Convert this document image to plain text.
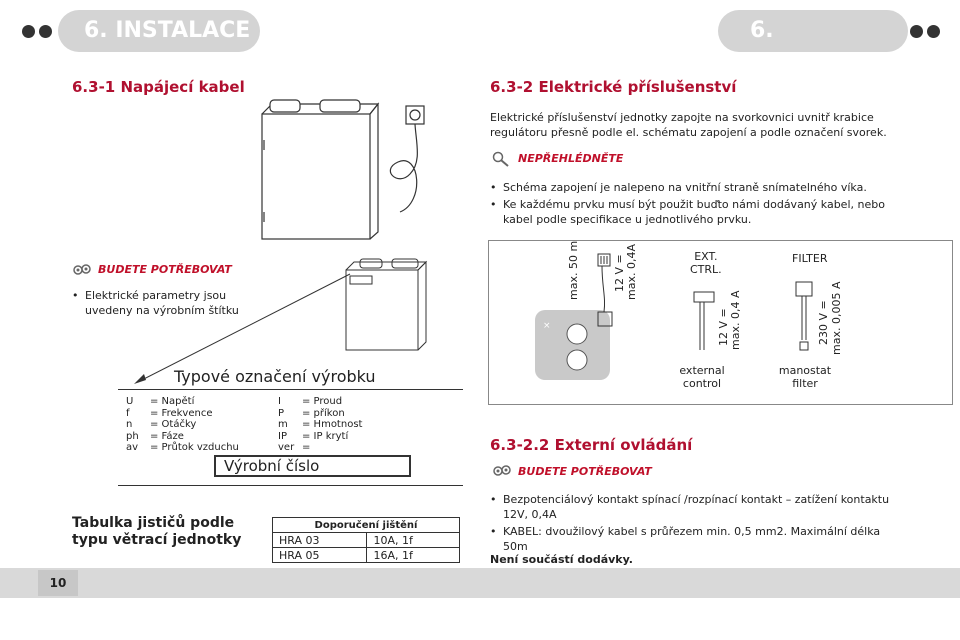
6. INSTALACE	6. INSTALACE
6.3-1 Napájecí kabel
BUDETE POTŘEBOVAT
• Elektrické parametry jsou uvedeny na výrobním štítku
Typové označení výrobku
U	= Napětí
f	= Frekvence
n	= Otáčky
ph	= Fáze
av	= Průtok vzduchu
I	= Proud
P	= příkon
m	= Hmotnost
IP	= IP krytí
ver =
Výrobní číslo
Tabulka jističů podle typu větrací jednotky
Doporučení jištění	
HRA 03	10A, 1f
HRA 05	16A, 1f
10
6.3-2 Elektrické příslušenství
Elektrické příslušenství jednotky zapojte na svorkovnici uvnitř krabice regulátoru přesně podle el. schématu zapojení a podle označení svorek.
NEPŘEHLÉDNĚTE
• Schéma zapojení je nalepeno na vnitřní straně snímatelného víka.
• Ke každému prvku musí být použit buďto námi dodávaný kabel, nebo kabel podle specifikace u jednotlivého prvku.
×
max. 50 m	12 V = max. 0,4A	EXT.
CTRL.
12 V = max. 0,4 A
external
control
FILTER
230 V = max. 0,005 A
manostat
filter
6.3-2.2 Externí ovládání
BUDETE POTŘEBOVAT
• Bezpotenciálový kontakt spínací /rozpínací kontakt – zatížení kontaktu 12V, 0,4A
• KABEL: dvoužilový kabel s průřezem min. 0,5 mm2. Maximální délka 50m
Není součástí dodávky.
